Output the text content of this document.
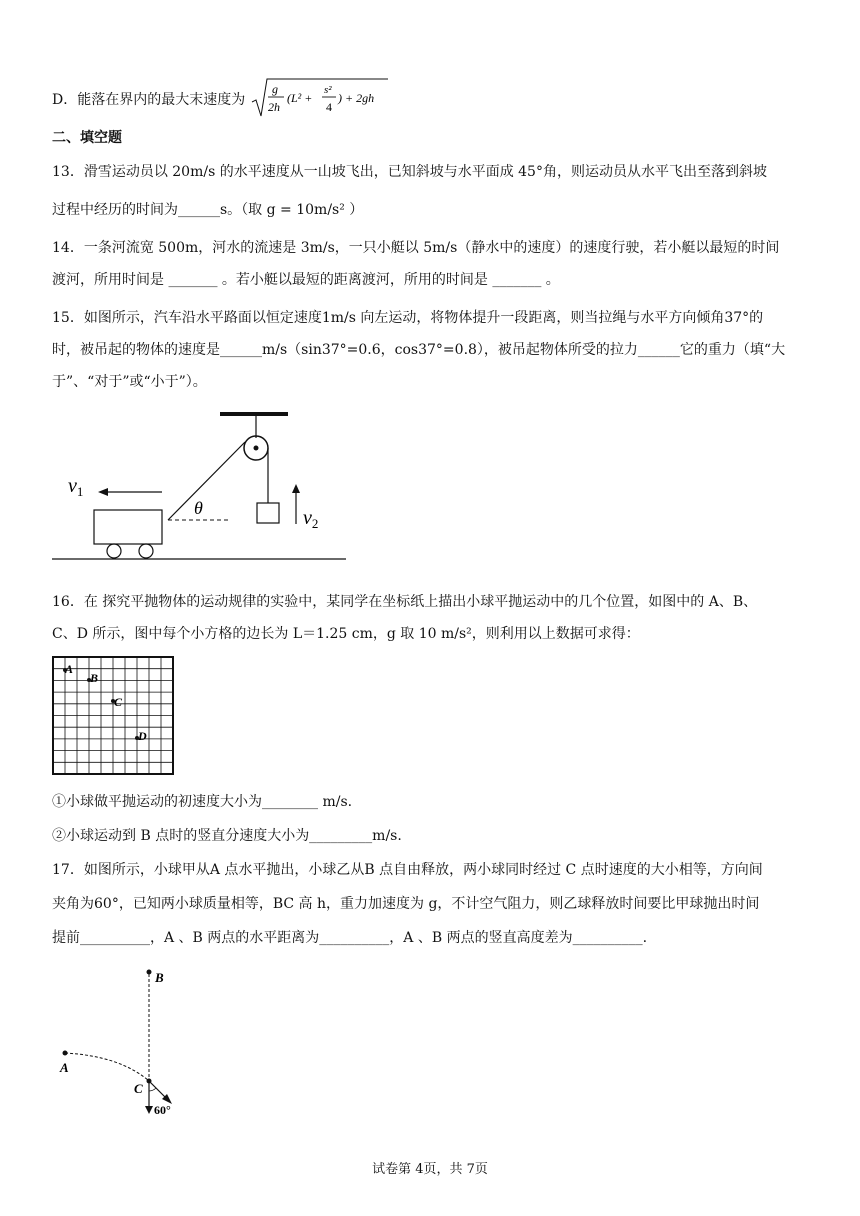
D．能落在界内的最大末速度为
g
2h
(L² +
s²
4
) + 2gh
二、填空题
13．滑雪运动员以 20m/s 的水平速度从一山坡飞出，已知斜坡与水平面成 45°角，则运动员从水平飞出至落到斜坡
过程中经历的时间为______s。（取 g = 10m/s² ）
14．一条河流宽 500m，河水的流速是 3m/s，一只小艇以 5m/s（静水中的速度）的速度行驶，若小艇以最短的时间
渡河，所用时间是 _______ 。若小艇以最短的距离渡河，所用的时间是 _______ 。
15．如图所示，汽车沿水平路面以恒定速度1m/s 向左运动，将物体提升一段距离，则当拉绳与水平方向倾角37°的
时，被吊起的物体的速度是______m/s（sin37°=0.6，cos37°=0.8），被吊起物体所受的拉力______它的重力（填“大
于”、“对于”或“小于”）。
$v_2$
θ
$v_1$
16．在 探究平抛物体的运动规律的实验中，某同学在坐标纸上描出小球平抛运动中的几个位置，如图中的 A、B、
C、D 所示，图中每个小方格的边长为 L＝1.25 cm，g 取 10 m/s²，则利用以上数据可求得：
A
B
C
D
①小球做平抛运动的初速度大小为________ m/s.
②小球运动到 B 点时的竖直分速度大小为_________m/s.
17．如图所示，小球甲从A 点水平抛出，小球乙从B 点自由释放，两小球同时经过 C 点时速度的大小相等，方向间
夹角为60°，已知两小球质量相等，BC 高 h，重力加速度为 g，不计空气阻力，则乙球释放时间要比甲球抛出时间
提前__________，A 、B 两点的水平距离为__________，A 、B 两点的竖直高度差为__________.
B
A
C
60°
试卷第 4页，共 7页
